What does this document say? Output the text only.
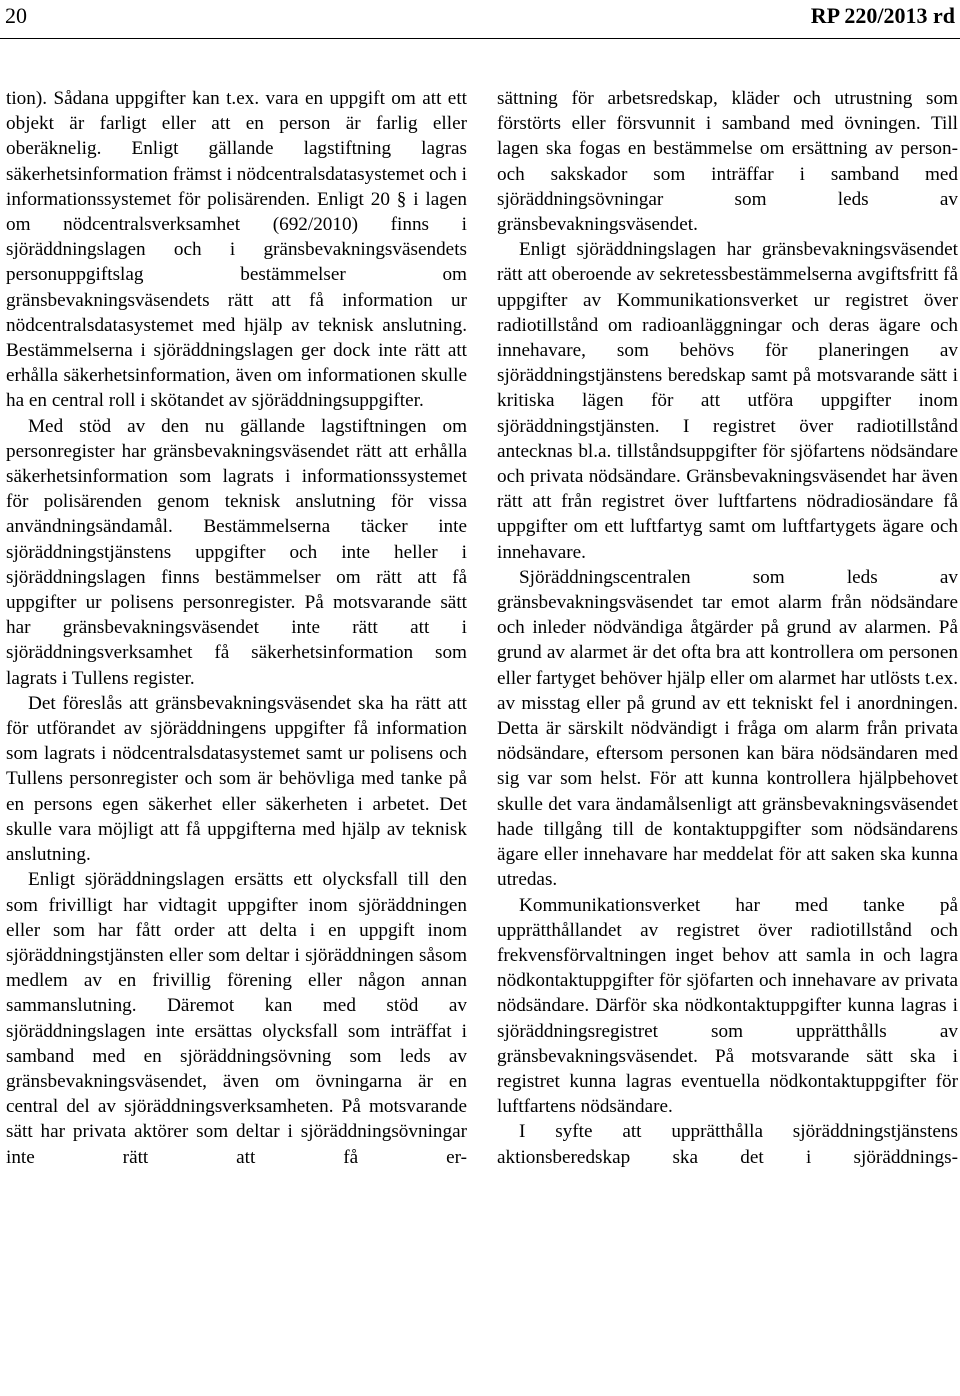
20	RP 220/2013 rd

tion). Sådana uppgifter kan t.ex. vara en uppgift om att ett objekt är farligt eller att en person är farlig eller oberäknelig. Enligt gällande lagstiftning lagras säkerhetsinformation främst i nödcentralsdatasystemet och i informationssystemet för polisärenden. Enligt 20 § i lagen om nödcentralsverksamhet (692/2010) finns i sjöräddningslagen och i gränsbevakningsväsendets personuppgiftslag bestämmelser om gränsbevakningsväsendets rätt att få information ur nödcentralsdatasystemet med hjälp av teknisk anslutning. Bestämmelserna i sjöräddningslagen ger dock inte rätt att erhålla säkerhetsinformation, även om informationen skulle ha en central roll i skötandet av sjöräddningsuppgifter.

Med stöd av den nu gällande lagstiftningen om personregister har gränsbevakningsväsendet rätt att erhålla säkerhetsinformation som lagrats i informationssystemet för polisärenden genom teknisk anslutning för vissa användningsändamål. Bestämmelserna täcker inte sjöräddningstjänstens uppgifter och inte heller i sjöräddningslagen finns bestämmelser om rätt att få uppgifter ur polisens personregister. På motsvarande sätt har gränsbevakningsväsendet inte rätt att i sjöräddningsverksamhet få säkerhetsinformation som lagrats i Tullens register.

Det föreslås att gränsbevakningsväsendet ska ha rätt att för utförandet av sjöräddningens uppgifter få information som lagrats i nödcentralsdatasystemet samt ur polisens och Tullens personregister och som är behövliga med tanke på en persons egen säkerhet eller säkerheten i arbetet. Det skulle vara möjligt att få uppgifterna med hjälp av teknisk anslutning.

Enligt sjöräddningslagen ersätts ett olycksfall till den som frivilligt har vidtagit uppgifter inom sjöräddningen eller som har fått order att delta i en uppgift inom sjöräddningstjänsten eller som deltar i sjöräddningen såsom medlem av en frivillig förening eller någon annan sammanslutning. Däremot kan med stöd av sjöräddningslagen inte ersättas olycksfall som inträffat i samband med en sjöräddningsövning som leds av gränsbevakningsväsendet, även om övningarna är en central del av sjöräddningsverksamheten. På motsvarande sätt har privata aktörer som deltar i sjöräddningsövningar inte rätt att få er-

sättning för arbetsredskap, kläder och utrustning som förstörts eller försvunnit i samband med övningen. Till lagen ska fogas en bestämmelse om ersättning av person- och sakskador som inträffar i samband med sjöräddningsövningar som leds av gränsbevakningsväsendet.

Enligt sjöräddningslagen har gränsbevakningsväsendet rätt att oberoende av sekretessbestämmelserna avgiftsfritt få uppgifter av Kommunikationsverket ur registret över radiotillstånd om radioanläggningar och deras ägare och innehavare, som behövs för planeringen av sjöräddningstjänstens beredskap samt på motsvarande sätt i kritiska lägen för att utföra uppgifter inom sjöräddningstjänsten. I registret över radiotillstånd antecknas bl.a. tillståndsuppgifter för sjöfartens nödsändare och privata nödsändare. Gränsbevakningsväsendet har även rätt att från registret över luftfartens nödradiosändare få uppgifter om ett luftfartyg samt om luftfartygets ägare och innehavare.

Sjöräddningscentralen som leds av gränsbevakningsväsendet tar emot alarm från nödsändare och inleder nödvändiga åtgärder på grund av alarmen. På grund av alarmet är det ofta bra att kontrollera om personen eller fartyget behöver hjälp eller om alarmet har utlösts t.ex. av misstag eller på grund av ett tekniskt fel i anordningen. Detta är särskilt nödvändigt i fråga om alarm från privata nödsändare, eftersom personen kan bära nödsändaren med sig var som helst. För att kunna kontrollera hjälpbehovet skulle det vara ändamålsenligt att gränsbevakningsväsendet hade tillgång till de kontaktuppgifter som nödsändarens ägare eller innehavare har meddelat för att saken ska kunna utredas.

Kommunikationsverket har med tanke på upprätthållandet av registret över radiotillstånd och frekvensförvaltningen inget behov att samla in och lagra nödkontaktuppgifter för sjöfarten och innehavare av privata nödsändare. Därför ska nödkontaktuppgifter kunna lagras i sjöräddningsregistret som upprätthålls av gränsbevakningsväsendet. På motsvarande sätt ska i registret kunna lagras eventuella nödkontaktuppgifter för luftfartens nödsändare.

I syfte att upprätthålla sjöräddningstjänstens aktionsberedskap ska det i sjöräddnings-
